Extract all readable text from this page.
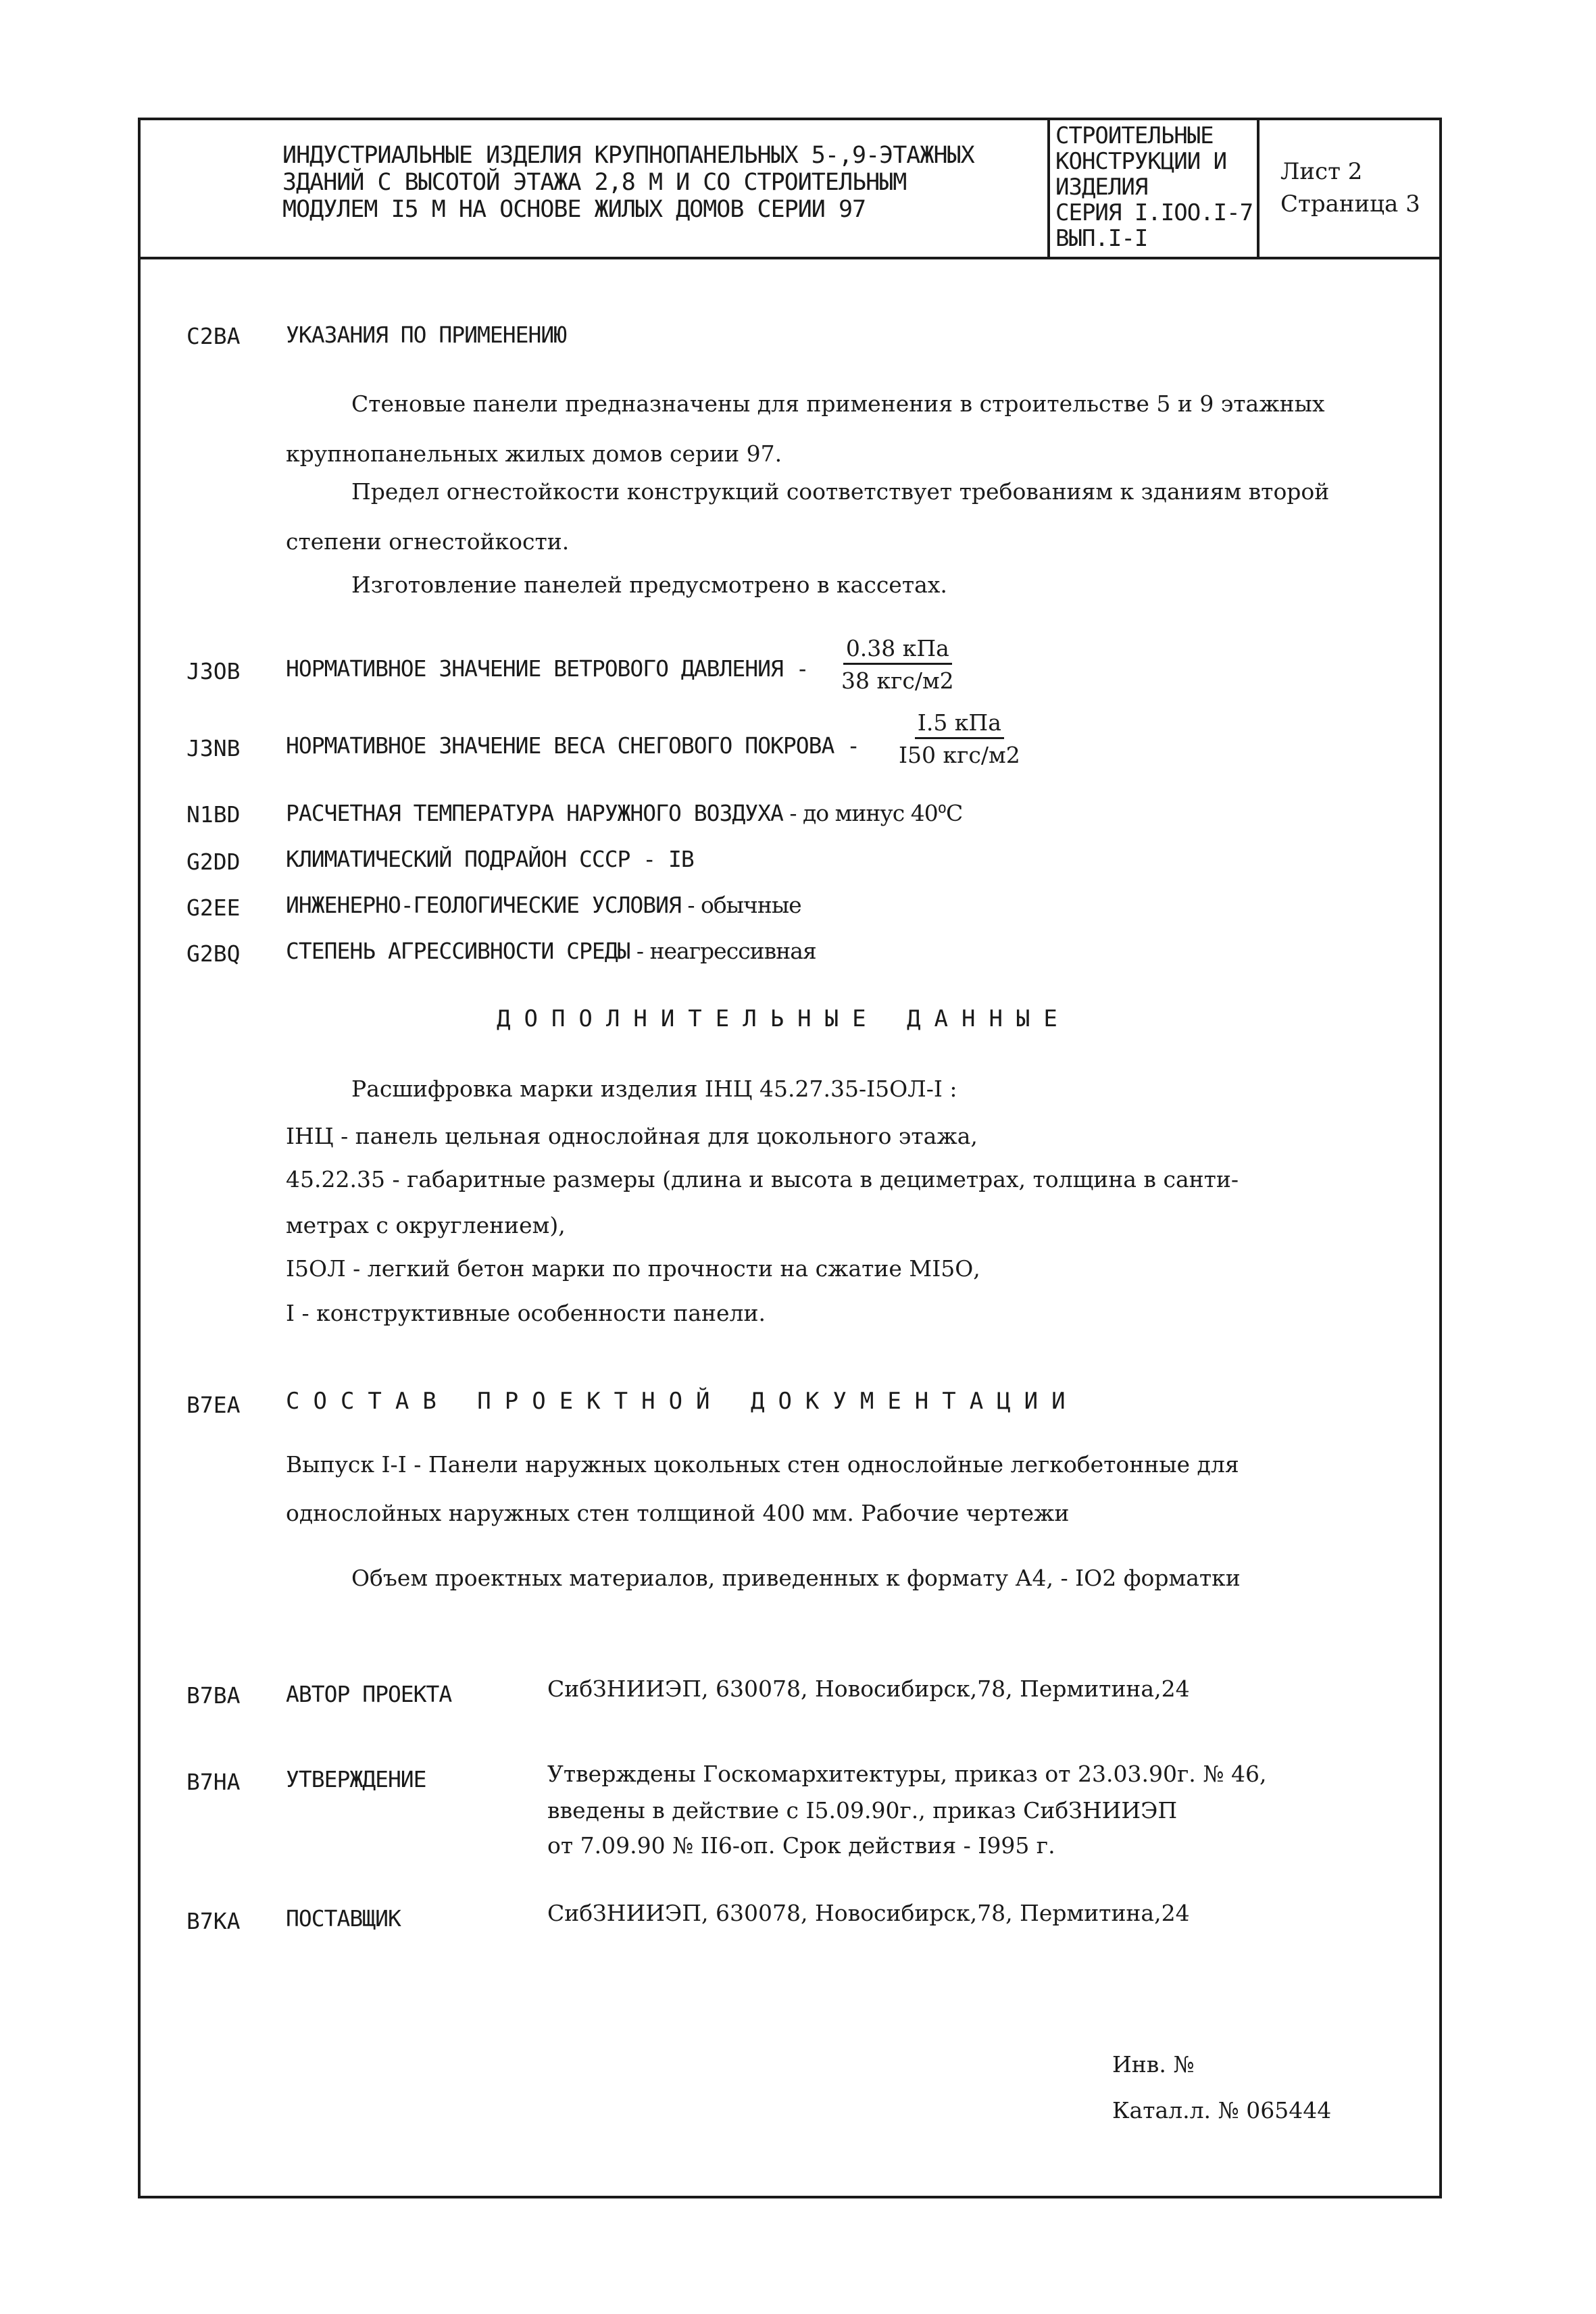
ИНДУСТРИАЛЬНЫЕ ИЗДЕЛИЯ КРУПНОПАНЕЛЬНЫХ 5-,9-ЭТАЖНЫХ
ЗДАНИЙ С ВЫСОТОЙ ЭТАЖА 2,8 М И СО СТРОИТЕЛЬНЫМ
МОДУЛЕМ I5 М НА ОСНОВЕ ЖИЛЫХ ДОМОВ СЕРИИ 97
СТРОИТЕЛЬНЫЕ
КОНСТРУКЦИИ И
ИЗДЕЛИЯ
СЕРИЯ I.IOO.I-7
ВЫП.I-I
Лист 2
Страница 3
C2BA УКАЗАНИЯ ПО ПРИМЕНЕНИЮ
Стеновые панели предназначены для применения в строительстве 5 и 9 этажных
крупнопанельных жилых домов серии 97.
Предел огнестойкости конструкций соответствует требованиям к зданиям второй
степени огнестойкости.
Изготовление панелей предусмотрено в кассетах.
J3OB НОРМАТИВНОЕ ЗНАЧЕНИЕ ВЕТРОВОГО ДАВЛЕНИЯ -
0.38 кПа
38 кгс/м2
J3NB НОРМАТИВНОЕ ЗНАЧЕНИЕ ВЕСА СНЕГОВОГО ПОКРОВА -
I.5 кПа
I50 кгс/м2
N1BD РАСЧЕТНАЯ ТЕМПЕРАТУРА НАРУЖНОГО ВОЗДУХА - до минус 40$^o$C
G2DD КЛИМАТИЧЕСКИЙ ПОДРАЙОН СССР - IВ
G2EE ИНЖЕНЕРНО-ГЕОЛОГИЧЕСКИЕ УСЛОВИЯ - обычные
G2BQ СТЕПЕНЬ АГРЕССИВНОСТИ СРЕДЫ - неагрессивная
ДОПОЛНИТЕЛЬНЫЕ ДАННЫЕ
Расшифровка марки изделия IНЦ 45.27.35-I5ОЛ-I :
IНЦ - панель цельная однослойная для цокольного этажа,
45.22.35 - габаритные размеры (длина и высота в дециметрах, толщина в санти-
метрах с округлением),
I5ОЛ - легкий бетон марки по прочности на сжатие МI5О,
I - конструктивные особенности панели.
B7EA СОСТАВ ПРОЕКТНОЙ ДОКУМЕНТАЦИИ
Выпуск I-I - Панели наружных цокольных стен однослойные легкобетонные для
однослойных наружных стен толщиной 400 мм. Рабочие чертежи
Объем проектных материалов, приведенных к формату А4, - IО2 форматки
B7BA АВТОР ПРОЕКТА	СибЗНИИЭП, 630078, Новосибирск,78, Пермитина,24
B7HA УТВЕРЖДЕНИЕ	Утверждены Госкомархитектуры, приказ от 23.03.90г. № 46,
введены в действие с I5.09.90г., приказ СибЗНИИЭП
от 7.09.90 № II6-оп. Срок действия - I995 г.
B7KA ПОСТАВЩИК	СибЗНИИЭП, 630078, Новосибирск,78, Пермитина,24
Инв. №
Катал.л. № 065444
